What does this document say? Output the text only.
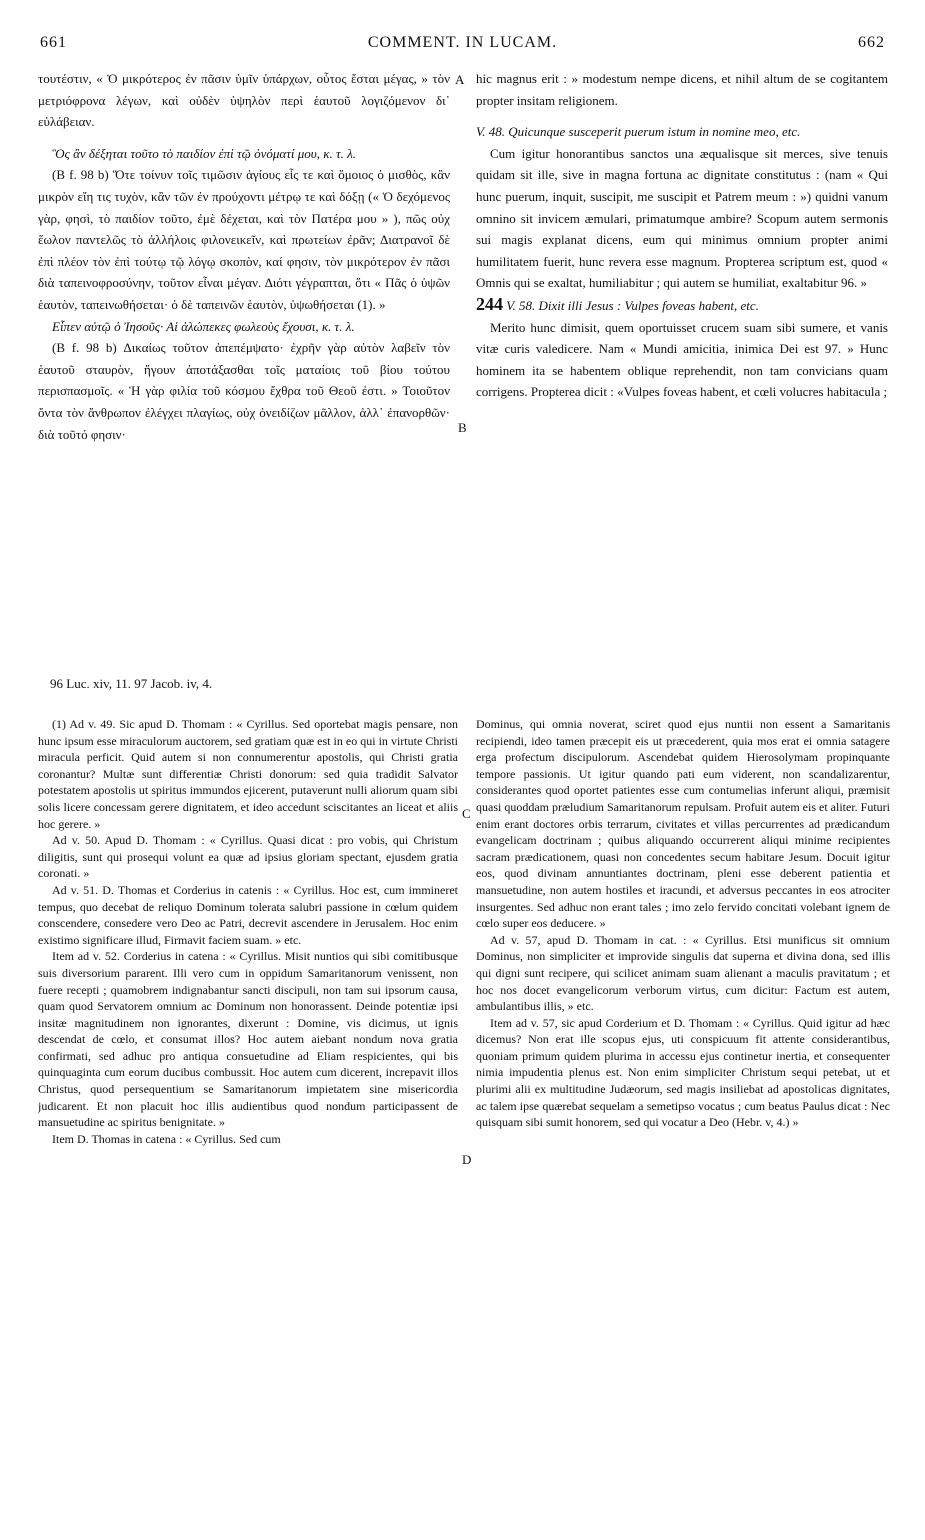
661	COMMENT. IN LUCAM.	662
A
B
C
D

τουτέστιν, « Ὁ μικρότερος ἐν πᾶσιν ὑμῖν ὑπάρχων, οὗτος ἔσται μέγας, » τὸν μετριόφρονα λέγων, καὶ οὐδὲν ὑψηλὸν περὶ ἑαυτοῦ λογιζόμενον δι᾽ εὐλάβειαν.

Ὃς ἂν δέξηται τοῦτο τὸ παιδίον ἐπὶ τῷ ὀνόματί μου, κ. τ. λ.

(B f. 98 b) Ὅτε τοίνυν τοῖς τιμῶσιν ἁγίους εἷς τε καὶ ὅμοιος ὁ μισθὸς, κἂν μικρὸν εἴη τις τυχὸν, κἂν τῶν ἐν προύχοντι μέτρῳ τε καὶ δόξῃ (« Ὁ δεχόμενος γὰρ, φησὶ, τὸ παιδίον τοῦτο, ἐμὲ δέχεται, καὶ τὸν Πατέρα μου » ), πῶς οὐχ ἕωλον παντελῶς τὸ ἀλλήλοις φιλονεικεῖν, καὶ πρωτείων ἐρᾶν; Διατρανοῖ δὲ ἐπὶ πλέον τὸν ἐπὶ τούτῳ τῷ λόγῳ σκοπὸν, καί φησιν, τὸν μικρότερον ἐν πᾶσι διὰ ταπεινοφροσύνην, τοῦτον εἶναι μέγαν. Διότι γέγραπται, ὅτι « Πᾶς ὁ ὑψῶν ἑαυτὸν, ταπεινωθήσεται· ὁ δὲ ταπεινῶν ἑαυτὸν, ὑψωθήσεται (1). »

Εἶπεν αὐτῷ ὁ Ἰησοῦς· Αἱ ἀλώπεκες φωλεοὺς ἔχουσι, κ. τ. λ.

(B f. 98 b) Δικαίως τοῦτον ἀπεπέμψατο· ἐχρῆν γὰρ αὐτὸν λαβεῖν τὸν ἑαυτοῦ σταυρὸν, ἤγουν ἀποτάξασθαι τοῖς ματαίοις τοῦ βίου τούτου περισπασμοῖς. « Ἡ γὰρ φιλία τοῦ κόσμου ἔχθρα τοῦ Θεοῦ ἐστι. » Τοιοῦτον ὄντα τὸν ἄνθρωπον ἐλέγχει πλαγίως, οὐχ ὀνειδίζων μᾶλλον, ἀλλ᾽ ἐπανορθῶν· διὰ τοῦτό φησιν·

hic magnus erit : » modestum nempe dicens, et nihil altum de se cogitantem propter insitam religionem.

V. 48. Quicunque susceperit puerum istum in nomine meo, etc.

Cum igitur honorantibus sanctos una æqualisque sit merces, sive tenuis quidam sit ille, sive in magna fortuna ac dignitate constitutus : (nam « Qui hunc puerum, inquit, suscipit, me suscipit et Patrem meum : ») quidni vanum omnino sit invicem æmulari, primatumque ambire? Scopum autem sermonis sui magis explanat dicens, eum qui minimus omnium propter animi humilitatem fuerit, hunc revera esse magnum. Propterea scriptum est, quod « Omnis qui se exaltat, humiliabitur ; qui autem se humiliat, exaltabitur 96. »

244 V. 58. Dixit illi Jesus : Vulpes foveas habent, etc.

Merito hunc dimisit, quem oportuisset crucem suam sibi sumere, et vanis vitæ curis valedicere. Nam « Mundi amicitia, inimica Dei est 97. » Hunc hominem ita se habentem oblique reprehendit, non tam convicians quam corrigens. Propterea dicit : «Vulpes foveas habent, et cœli volucres habitacula ;

96 Luc. xiv, 11. 97 Jacob. iv, 4.

(1) Ad v. 49. Sic apud D. Thomam : « Cyrillus. Sed oportebat magis pensare, non hunc ipsum esse miraculorum auctorem, sed gratiam quæ est in eo qui in virtute Christi miracula perficit. Quid autem si non connumerentur apostolis, qui Christi gratia coronantur? Multæ sunt differentiæ Christi donorum: sed quia tradidit Salvator potestatem apostolis ut spiritus immundos ejicerent, putaverunt nulli aliorum quam sibi solis licere concessam gerere dignitatem, et ideo accedunt sciscitantes an liceat et aliis hoc gerere. »

Ad v. 50. Apud D. Thomam : « Cyrillus. Quasi dicat : pro vobis, qui Christum diligitis, sunt qui prosequi volunt ea quæ ad ipsius gloriam spectant, ejusdem gratia coronati. »

Ad v. 51. D. Thomas et Corderius in catenis : « Cyrillus. Hoc est, cum immineret tempus, quo decebat de reliquo Dominum tolerata salubri passione in cœlum quidem conscendere, consedere vero Deo ac Patri, decrevit ascendere in Jerusalem. Hoc enim existimo significare illud, Firmavit faciem suam. » etc.

Item ad v. 52. Corderius in catena : « Cyrillus. Misit nuntios qui sibi comitibusque suis diversorium pararent. Illi vero cum in oppidum Samaritanorum venissent, non fuere recepti ; quamobrem indignabantur sancti discipuli, non tam sui ipsorum causa, quam quod Servatorem omnium ac Dominum non honorassent. Deinde potentiæ ipsi insitæ magnitudinem non ignorantes, dixerunt : Domine, vis dicimus, ut ignis descendat de cœlo, et consumat illos? Hoc autem aiebant nondum nova gratia confirmati, sed adhuc pro antiqua consuetudine ad Eliam respicientes, qui bis quinquaginta cum eorum ducibus combussit. Hoc autem cum dicerent, increpavit illos Christus, quod persequentium se Samaritanorum impietatem sine misericordia judicarent. Et non placuit hoc illis audientibus quod nondum participassent de mansuetudine ac spiritus benignitate. »

Item D. Thomas in catena : « Cyrillus. Sed cum

Dominus, qui omnia noverat, sciret quod ejus nuntii non essent a Samaritanis recipiendi, ideo tamen præcepit eis ut præcederent, quia mos erat ei omnia satagere erga profectum discipulorum. Ascendebat quidem Hierosolymam propinquante tempore passionis. Ut igitur quando pati eum viderent, non scandalizarentur, considerantes quod oportet patientes esse cum contumelias inferunt aliqui, præmisit quasi quoddam præludium Samaritanorum repulsam. Profuit autem eis et aliter. Futuri enim erant doctores orbis terrarum, civitates et villas percurrentes ad prædicandum evangelicam doctrinam ; quibus aliquando occurrerent aliqui minime recipientes sacram prædicationem, quasi non concedentes secum habitare Jesum. Docuit igitur eos, quod divinam annuntiantes doctrinam, pleni esse deberent patientia et mansuetudine, non autem hostiles et iracundi, et adversus peccantes in eos atrociter insurgentes. Sed adhuc non erant tales ; imo zelo fervido concitati volebant ignem de cœlo super eos deducere. »

Ad v. 57, apud D. Thomam in cat. : « Cyrillus. Etsi munificus sit omnium Dominus, non simpliciter et improvide singulis dat superna et divina dona, sed illis qui digni sunt recipere, qui scilicet animam suam alienant a maculis pravitatum ; et hoc nos docet evangelicorum verborum virtus, cum dicitur: Factum est autem, ambulantibus illis, » etc.

Item ad v. 57, sic apud Corderium et D. Thomam : « Cyrillus. Quid igitur ad hæc dicemus? Non erat ille scopus ejus, uti conspicuum fit attente considerantibus, quoniam primum quidem plurima in accessu ejus continetur inertia, et consequenter nimia impudentia plenus est. Non enim simpliciter Christum sequi petebat, ut et plurimi alii ex multitudine Judæorum, sed magis insiliebat ad apostolicas dignitates, ac talem ipse quærebat sequelam a semetipso vocatus ; cum beatus Paulus dicat : Nec quisquam sibi sumit honorem, sed qui vocatur a Deo (Hebr. v, 4.) »
